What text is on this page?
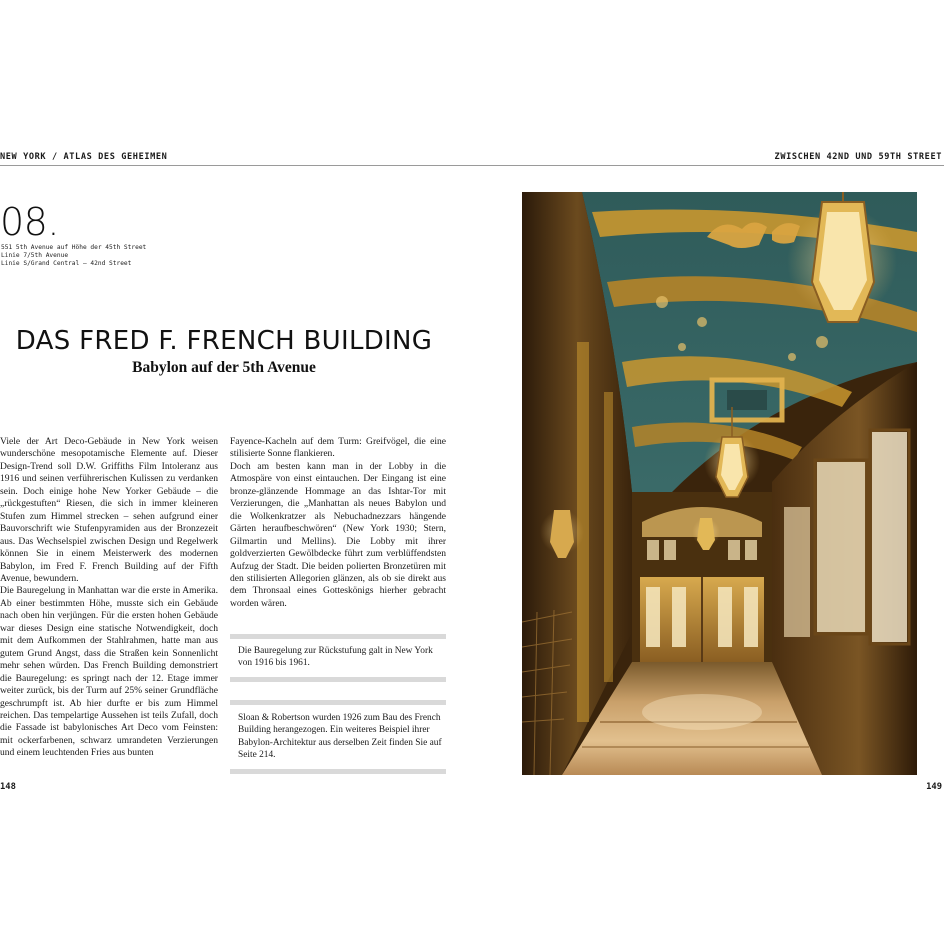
NEW YORK / ATLAS DES GEHEIMEN	ZWISCHEN 42ND UND 59TH STREET
08.
551 5th Avenue auf Höhe der 45th Street
Linie 7/5th Avenue
Linie S/Grand Central – 42nd Street
DAS FRED F. FRENCH BUILDING
Babylon auf der 5th Avenue

Viele der Art Deco-Gebäude in New York weisen wunderschöne mesopotamische Elemente auf. Dieser Design-Trend soll D.W. Griffiths Film Intoleranz aus 1916 und seinen verführerischen Kulissen zu verdanken sein. Doch einige hohe New Yorker Gebäude – die „rückgestuften“ Riesen, die sich in immer kleineren Stufen zum Himmel strecken – sehen aufgrund einer Bauvorschrift wie Stufenpyramiden aus der Bronzezeit aus. Das Wechselspiel zwischen Design und Regelwerk können Sie in einem Meisterwerk des modernen Babylon, im Fred F. French Building auf der Fifth Avenue, bewundern.

Die Bauregelung in Manhattan war die erste in Amerika. Ab einer bestimmten Höhe, musste sich ein Gebäude nach oben hin verjüngen. Für die ersten hohen Gebäude war dieses Design eine statische Notwendigkeit, doch mit dem Aufkommen der Stahlrahmen, hatte man aus gutem Grund Angst, dass die Straßen kein Sonnenlicht mehr sehen würden. Das French Building demonstriert die Bauregelung: es springt nach der 12. Etage immer weiter zurück, bis der Turm auf 25% seiner Grundfläche geschrumpft ist. Ab hier durfte er bis zum Himmel reichen. Das tempelartige Aussehen ist teils Zufall, doch die Fassade ist babylonisches Art Deco vom Feinsten: mit ockerfarbenen, schwarz umrandeten Verzierungen und einem leuchtenden Fries aus bunten

Fayence-Kacheln auf dem Turm: Greifvögel, die eine stilisierte Sonne flankieren.

Doch am besten kann man in der Lobby in die Atmospäre von einst eintauchen. Der Eingang ist eine bronze-glänzende Hommage an das Ishtar-Tor mit Verzierungen, die „Manhattan als neues Babylon und die Wolkenkratzer als Nebuchadnezzars hängende Gärten heraufbeschwören“ (New York 1930; Stern, Gilmartin und Mellins). Die Lobby mit ihrer goldverzierten Gewölbdecke führt zum verblüffendsten Aufzug der Stadt. Die beiden polierten Bronzetüren mit den stilisierten Allegorien glänzen, als ob sie direkt aus dem Thronsaal eines Gotteskönigs hierher gebracht worden wären.

Die Bauregelung zur Rückstufung galt in New York von 1916 bis 1961.
Sloan & Robertson wurden 1926 zum Bau des French Building herangezogen. Ein weiteres Beispiel ihrer Babylon-Architektur aus derselben Zeit finden Sie auf Seite 214.
148	149
